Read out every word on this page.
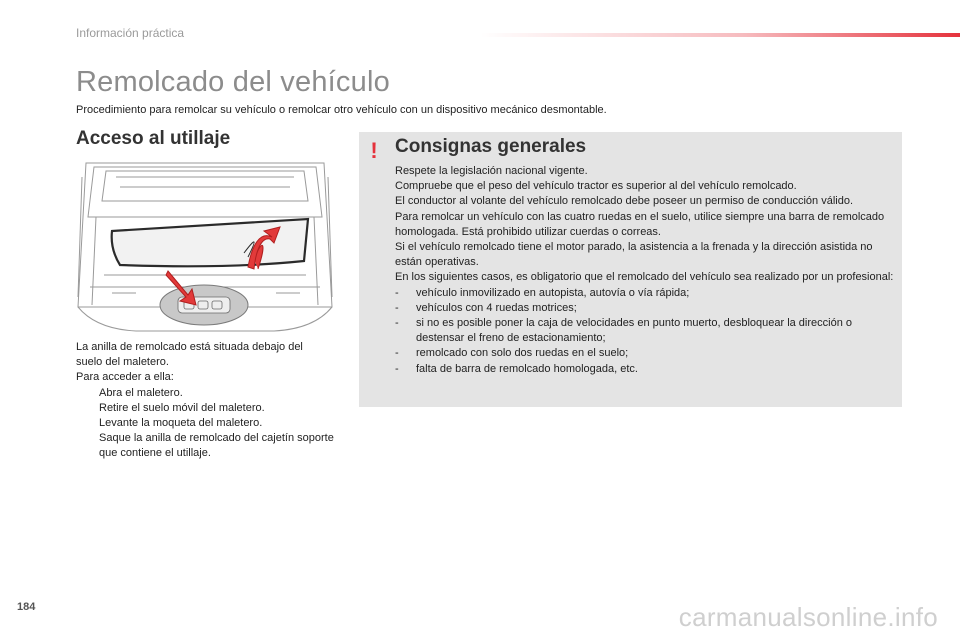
Información práctica
Remolcado del vehículo
Procedimiento para remolcar su vehículo o remolcar otro vehículo con un dispositivo mecánico desmontable.
Acceso al utillaje

La anilla de remolcado está situada debajo del

suelo del maletero.

Para acceder a ella:

Abra el maletero.
Retire el suelo móvil del maletero.
Levante la moqueta del maletero.
Saque la anilla de remolcado del cajetín soporte que contiene el utillaje.
! Consignas generales

Respete la legislación nacional vigente.

Compruebe que el peso del vehículo tractor es superior al del vehículo remolcado.

El conductor al volante del vehículo remolcado debe poseer un permiso de conducción válido.

Para remolcar un vehículo con las cuatro ruedas en el suelo, utilice siempre una barra de remolcado homologada. Está prohibido utilizar cuerdas o correas.

Si el vehículo remolcado tiene el motor parado, la asistencia a la frenada y la dirección asistida no están operativas.

En los siguientes casos, es obligatorio que el remolcado del vehículo sea realizado por un profesional:

- vehículo inmovilizado en autopista, autovía o vía rápida;
- vehículos con 4 ruedas motrices;
- si no es posible poner la caja de velocidades en punto muerto, desbloquear la dirección o destensar el freno de estacionamiento;
- remolcado con solo dos ruedas en el suelo;
- falta de barra de remolcado homologada, etc.
184	carmanualsonline.info
